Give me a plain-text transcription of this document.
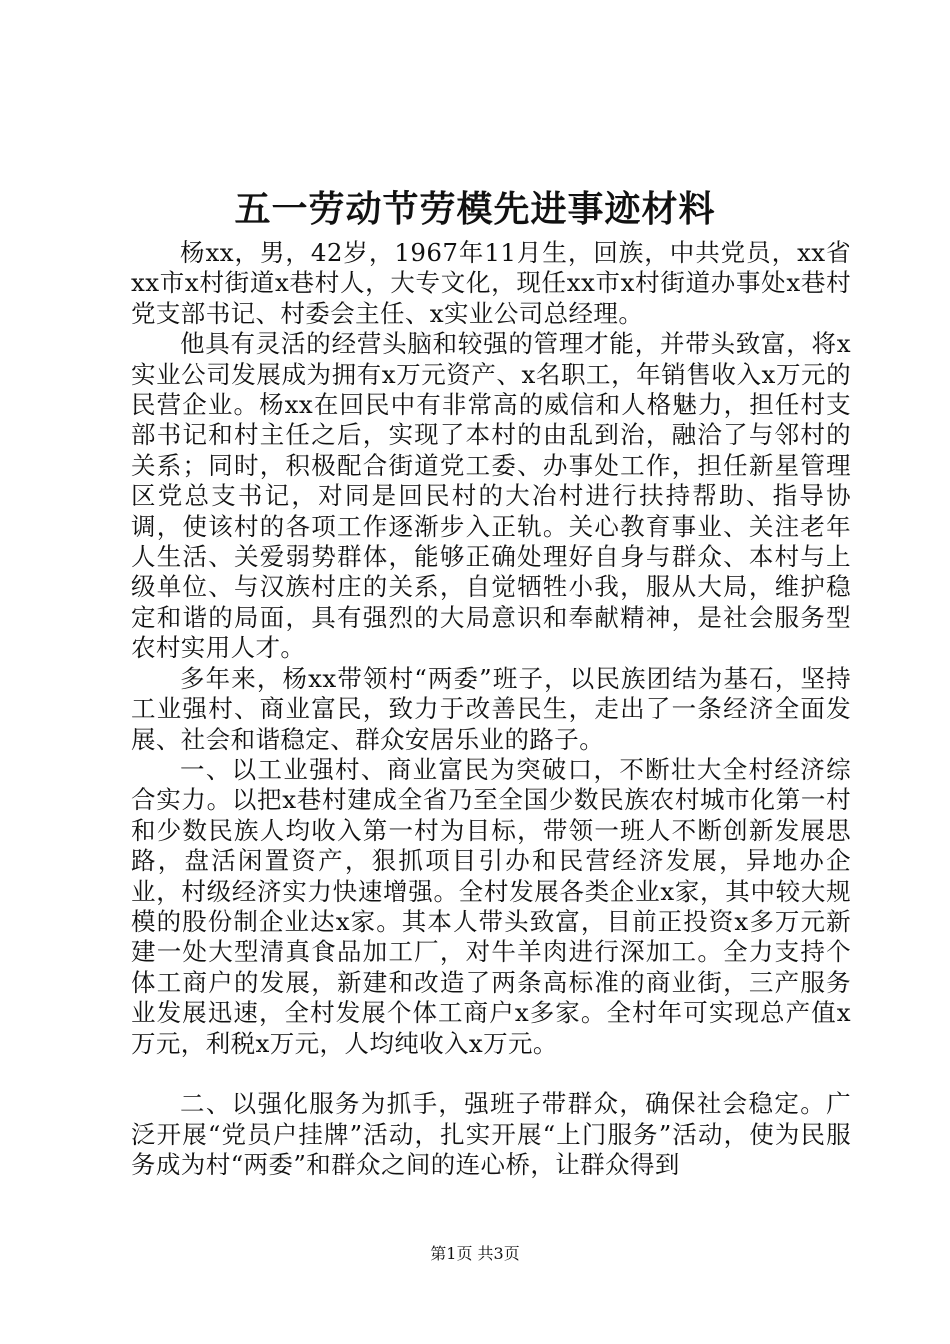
五一劳动节劳模先进事迹材料

杨xx，男，42岁，1967年11月生，回族，中共党员，xx省xx市x村街道x巷村人，大专文化，现任xx市x村街道办事处x巷村党支部书记、村委会主任、x实业公司总经理。

他具有灵活的经营头脑和较强的管理才能，并带头致富，将x实业公司发展成为拥有x万元资产、x名职工，年销售收入x万元的民营企业。杨xx在回民中有非常高的威信和人格魅力，担任村支部书记和村主任之后，实现了本村的由乱到治，融洽了与邻村的关系；同时，积极配合街道党工委、办事处工作，担任新星管理区党总支书记，对同是回民村的大冶村进行扶持帮助、指导协调，使该村的各项工作逐渐步入正轨。关心教育事业、关注老年人生活、关爱弱势群体，能够正确处理好自身与群众、本村与上级单位、与汉族村庄的关系，自觉牺牲小我，服从大局，维护稳定和谐的局面，具有强烈的大局意识和奉献精神，是社会服务型农村实用人才。

多年来，杨xx带领村“两委”班子，以民族团结为基石，坚持工业强村、商业富民，致力于改善民生，走出了一条经济全面发展、社会和谐稳定、群众安居乐业的路子。

一、以工业强村、商业富民为突破口，不断壮大全村经济综合实力。以把x巷村建成全省乃至全国少数民族农村城市化第一村和少数民族人均收入第一村为目标，带领一班人不断创新发展思路，盘活闲置资产，狠抓项目引办和民营经济发展，异地办企业，村级经济实力快速增强。全村发展各类企业x家，其中较大规模的股份制企业达x家。其本人带头致富，目前正投资x多万元新建一处大型清真食品加工厂，对牛羊肉进行深加工。全力支持个体工商户的发展，新建和改造了两条高标准的商业街，三产服务业发展迅速，全村发展个体工商户x多家。全村年可实现总产值x万元，利税x万元，人均纯收入x万元。

二、以强化服务为抓手，强班子带群众，确保社会稳定。广泛开展“党员户挂牌”活动，扎实开展“上门服务”活动，使为民服务成为村“两委”和群众之间的连心桥，让群众得到

第1页 共3页
